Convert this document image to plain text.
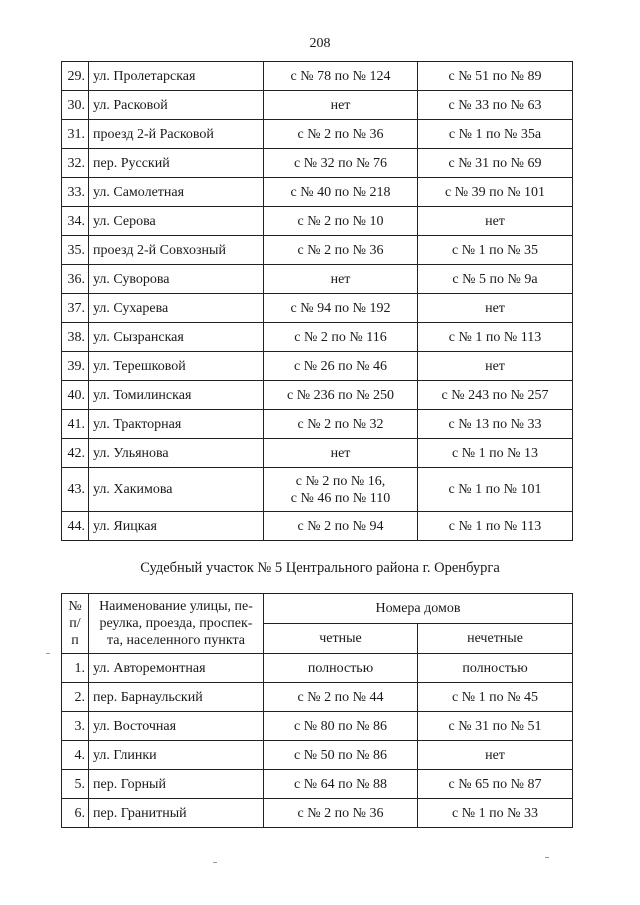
208
29.	ул. Пролетарская	с № 78 по № 124	с № 51 по № 89
30.	ул. Расковой	нет	с № 33 по № 63
31.	проезд 2-й Расковой	с № 2 по № 36	с № 1 по № 35а
32.	пер. Русский	с № 32 по № 76	с № 31 по № 69
33.	ул. Самолетная	с № 40 по № 218	с № 39 по № 101
34.	ул. Серова	с № 2 по № 10	нет
35.	проезд 2-й Совхозный	с № 2 по № 36	с № 1 по № 35
36.	ул. Суворова	нет	с № 5 по № 9а
37.	ул. Сухарева	с № 94 по № 192	нет
38.	ул. Сызранская	с № 2 по № 116	с № 1 по № 113
39.	ул. Терешковой	с № 26 по № 46	нет
40.	ул. Томилинская	с № 236 по № 250	с № 243 по № 257
41.	ул. Тракторная	с № 2 по № 32	с № 13 по № 33
42.	ул. Ульянова	нет	с № 1 по № 13
43.	ул. Хакимова	с № 2 по № 16,
с № 46 по № 110	с № 1 по № 101
44.	ул. Яицкая	с № 2 по № 94	с № 1 по № 113
Судебный участок № 5 Центрального района г. Оренбурга
№
п/п	Наименование улицы, пе-
реулка, проезда, проспек-
та, населенного пункта	Номера домов	
		четные	нечетные
1.	ул. Авторемонтная	полностью	полностью
2.	пер. Барнаульский	с № 2 по № 44	с № 1 по № 45
3.	ул. Восточная	с № 80 по № 86	с № 31 по № 51
4.	ул. Глинки	с № 50 по № 86	нет
5.	пер. Горный	с № 64 по № 88	с № 65 по № 87
6.	пер. Гранитный	с № 2 по № 36	с № 1 по № 33
